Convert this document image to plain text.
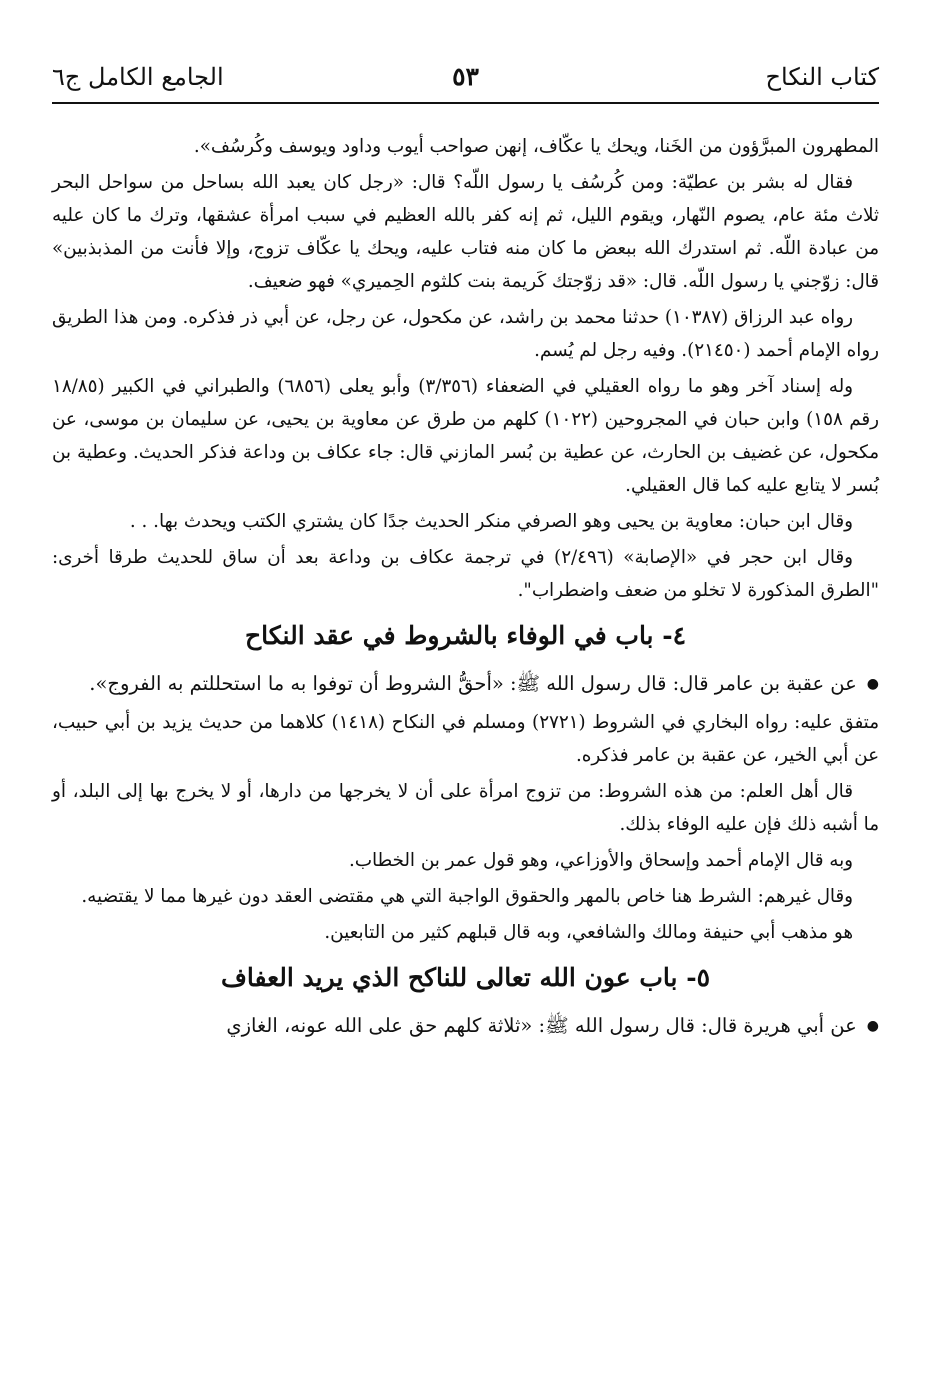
كتاب النكاح
٥٣
الجامع الكامل ج٦

المطهرون المبرَّؤون من الخَنا، ويحك يا عكّاف، إنهن صواحب أيوب وداود ويوسف وكُرسُف».

فقال له بشر بن عطيّة: ومن كُرسُف يا رسول اللّه؟ قال: «رجل كان يعبد الله بساحل من سواحل البحر ثلاث مئة عام، يصوم النّهار، ويقوم الليل، ثم إنه كفر بالله العظيم في سبب امرأة عشقها، وترك ما كان عليه من عبادة اللّه. ثم استدرك الله ببعض ما كان منه فتاب عليه، ويحك يا عكّاف تزوج، وإلا فأنت من المذبذبين» قال: زوّجني يا رسول اللّه. قال: «قد زوّجتك كَريمة بنت كلثوم الحِميري» فهو ضعيف.

رواه عبد الرزاق (١٠٣٨٧) حدثنا محمد بن راشد، عن مكحول، عن رجل، عن أبي ذر فذكره. ومن هذا الطريق رواه الإمام أحمد (٢١٤٥٠). وفيه رجل لم يُسم.

وله إسناد آخر وهو ما رواه العقيلي في الضعفاء (٣/٣٥٦) وأبو يعلى (٦٨٥٦) والطبراني في الكبير (١٨/٨٥ رقم ١٥٨) وابن حبان في المجروحين (١٠٢٢) كلهم من طرق عن معاوية بن يحيى، عن سليمان بن موسى، عن مكحول، عن غضيف بن الحارث، عن عطية بن بُسر المازني قال: جاء عكاف بن وداعة فذكر الحديث. وعطية بن بُسر لا يتابع عليه كما قال العقيلي.

وقال ابن حبان: معاوية بن يحيى وهو الصرفي منكر الحديث جدًا كان يشتري الكتب ويحدث بها. . .

وقال ابن حجر في «الإصابة» (٢/٤٩٦) في ترجمة عكاف بن وداعة بعد أن ساق للحديث طرقا أخرى: "الطرق المذكورة لا تخلو من ضعف واضطراب".

٤- باب في الوفاء بالشروط في عقد النكاح

●عن عقبة بن عامر قال: قال رسول الله ﷺ: «أحقُّ الشروط أن توفوا به ما استحللتم به الفروج».

متفق عليه: رواه البخاري في الشروط (٢٧٢١) ومسلم في النكاح (١٤١٨) كلاهما من حديث يزيد بن أبي حبيب، عن أبي الخير، عن عقبة بن عامر فذكره.

قال أهل العلم: من هذه الشروط: من تزوج امرأة على أن لا يخرجها من دارها، أو لا يخرج بها إلى البلد، أو ما أشبه ذلك فإن عليه الوفاء بذلك.

وبه قال الإمام أحمد وإسحاق والأوزاعي، وهو قول عمر بن الخطاب.

وقال غيرهم: الشرط هنا خاص بالمهر والحقوق الواجبة التي هي مقتضى العقد دون غيرها مما لا يقتضيه.

هو مذهب أبي حنيفة ومالك والشافعي، وبه قال قبلهم كثير من التابعين.

٥- باب عون الله تعالى للناكح الذي يريد العفاف

●عن أبي هريرة قال: قال رسول الله ﷺ: «ثلاثة كلهم حق على الله عونه، الغازي
